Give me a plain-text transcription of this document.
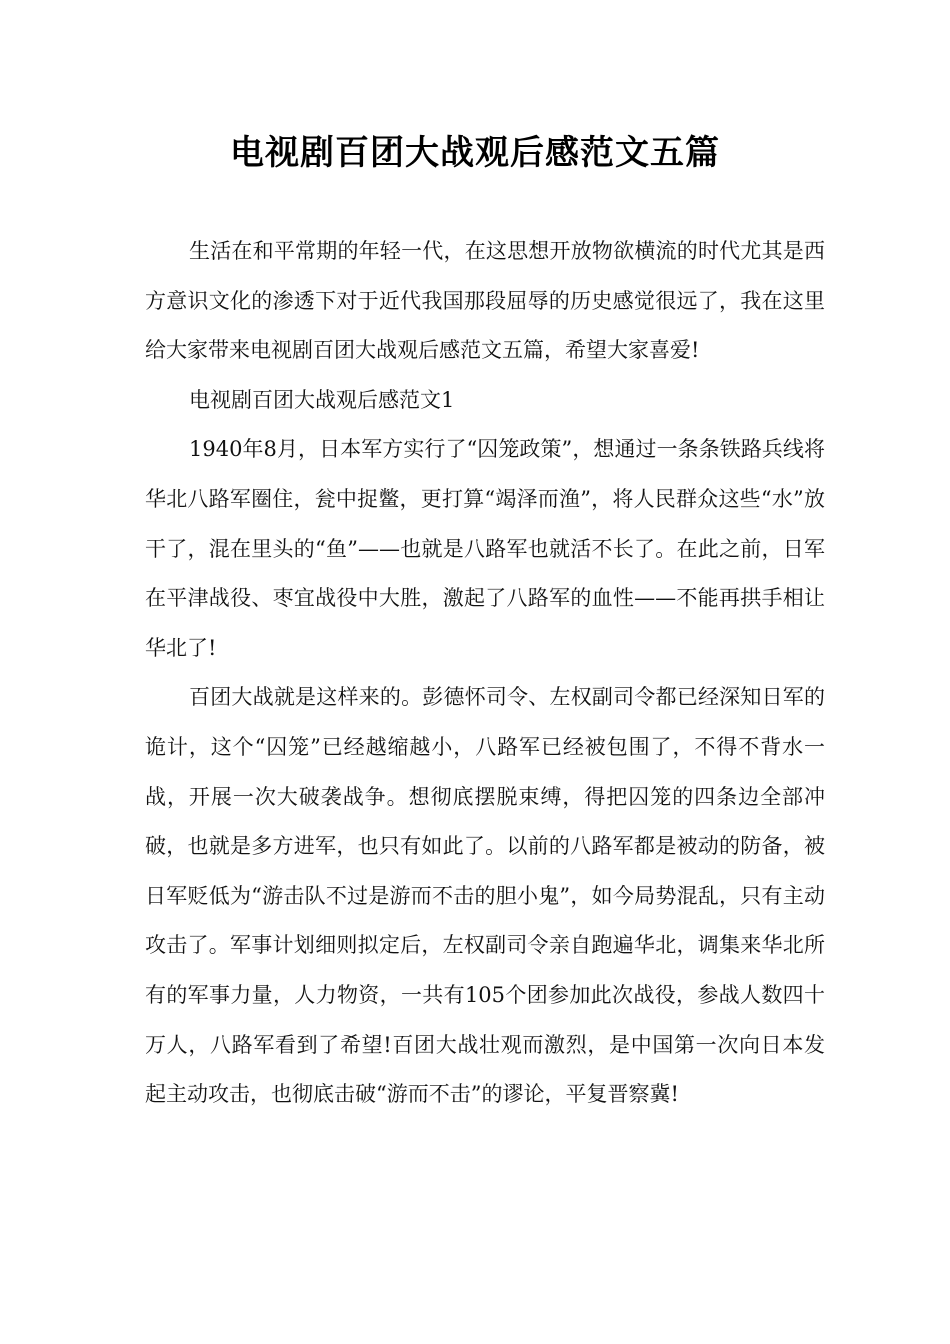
电视剧百团大战观后感范文五篇

生活在和平常期的年轻一代，在这思想开放物欲横流的时代尤其是西方意识文化的渗透下对于近代我国那段屈辱的历史感觉很远了，我在这里给大家带来电视剧百团大战观后感范文五篇，希望大家喜爱!

电视剧百团大战观后感范文1

1940年8月，日本军方实行了“囚笼政策”，想通过一条条铁路兵线将华北八路军圈住，瓮中捉鳖，更打算“竭泽而渔”，将人民群众这些“水”放干了，混在里头的“鱼”——也就是八路军也就活不长了。在此之前，日军在平津战役、枣宜战役中大胜，激起了八路军的血性——不能再拱手相让华北了!

百团大战就是这样来的。彭德怀司令、左权副司令都已经深知日军的诡计，这个“囚笼”已经越缩越小，八路军已经被包围了，不得不背水一战，开展一次大破袭战争。想彻底摆脱束缚，得把囚笼的四条边全部冲破，也就是多方进军，也只有如此了。以前的八路军都是被动的防备，被日军贬低为“游击队不过是游而不击的胆小鬼”，如今局势混乱，只有主动攻击了。军事计划细则拟定后，左权副司令亲自跑遍华北，调集来华北所有的军事力量，人力物资，一共有105个团参加此次战役，参战人数四十万人，八路军看到了希望!百团大战壮观而激烈，是中国第一次向日本发起主动攻击，也彻底击破“游而不击”的谬论，平复晋察冀!
